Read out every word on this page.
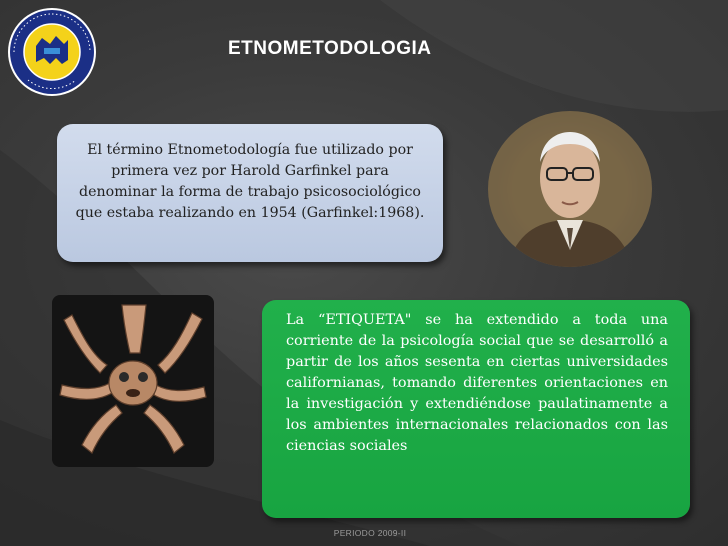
ETNOMETODOLOGIA
El término Etnometodología fue utilizado por primera vez por Harold Garfinkel para denominar la forma de trabajo psicosociológico que estaba realizando en 1954 (Garfinkel:1968).
La “ETIQUETA" se ha extendido a toda una corriente de la psicología social que se desarrolló a partir de los años sesenta en ciertas universidades californianas, tomando diferentes orientaciones en la investigación y extendiéndose paulatinamente a los ambientes internacionales relacionados con las ciencias sociales
PERIODO 2009-II
